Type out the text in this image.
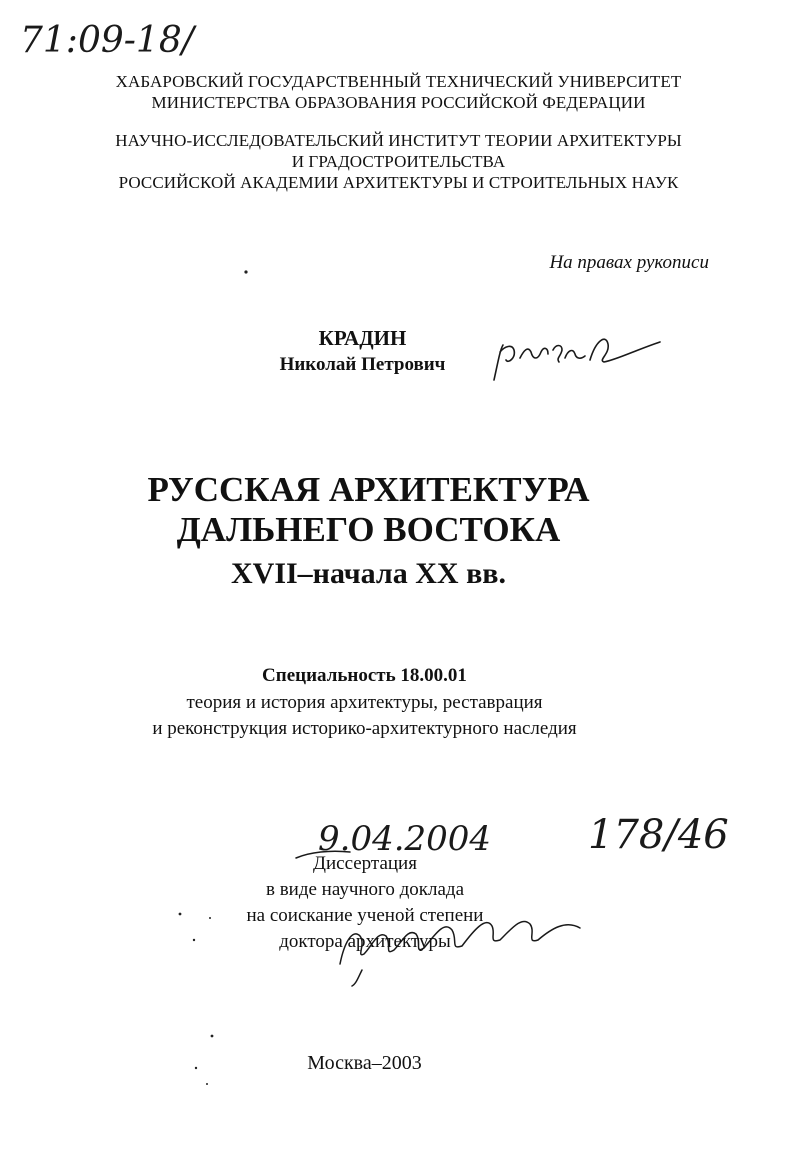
71:09-18/
9.04.2004 178/46
ХАБАРОВСКИЙ ГОСУДАРСТВЕННЫЙ ТЕХНИЧЕСКИЙ УНИВЕРСИТЕТ
МИНИСТЕРСТВА ОБРАЗОВАНИЯ РОССИЙСКОЙ ФЕДЕРАЦИИ
НАУЧНО-ИССЛЕДОВАТЕЛЬСКИЙ ИНСТИТУТ ТЕОРИИ АРХИТЕКТУРЫ
И ГРАДОСТРОИТЕЛЬСТВА
РОССИЙСКОЙ АКАДЕМИИ АРХИТЕКТУРЫ И СТРОИТЕЛЬНЫХ НАУК
На правах рукописи
КРАДИН
Николай Петрович
РУССКАЯ АРХИТЕКТУРА
ДАЛЬНЕГО ВОСТОКА
XVII–начала XX вв.
Специальность 18.00.01
теория и история архитектуры, реставрация
и реконструкция историко-архитектурного наследия
Диссертация
в виде научного доклада
на соискание ученой степени
доктора архитектуры
Москва–2003
